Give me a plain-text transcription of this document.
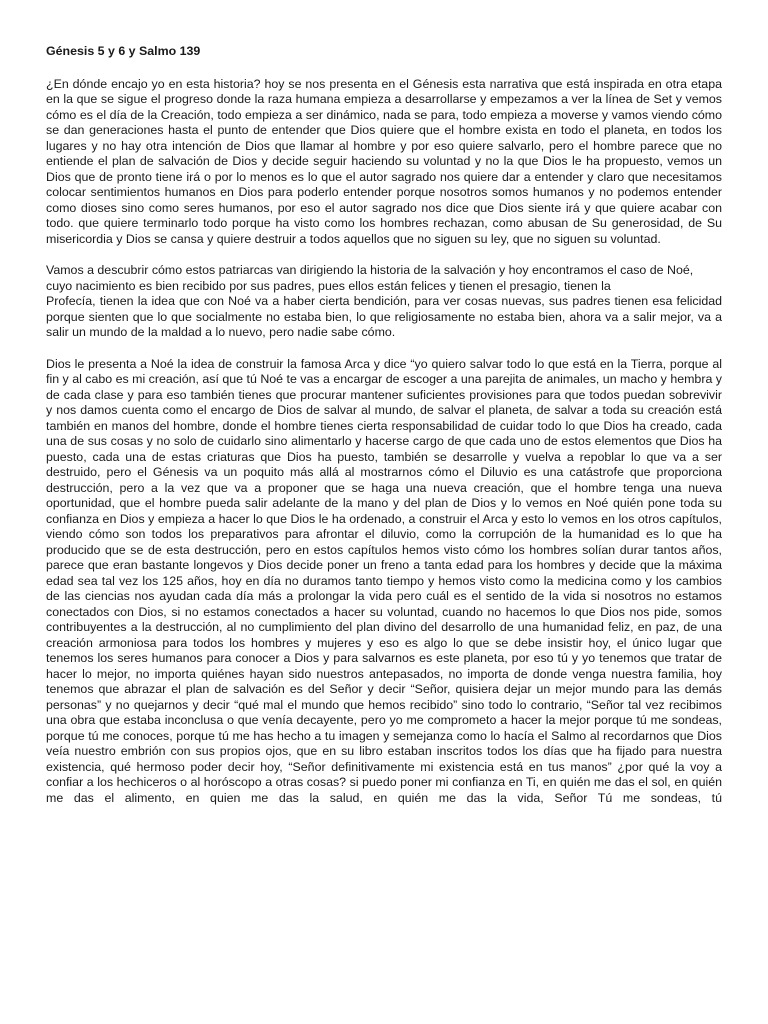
Génesis 5 y 6 y Salmo 139

¿En dónde encajo yo en esta historia? hoy se nos presenta en el Génesis esta narrativa que está inspirada en otra etapa en la que se sigue el progreso donde la raza humana empieza a desarrollarse y empezamos a ver la línea de Set y vemos cómo es el día de la Creación, todo empieza a ser dinámico, nada se para, todo empieza a moverse y vamos viendo cómo se dan generaciones hasta el punto de entender que Dios quiere que el hombre exista en todo el planeta, en todos los lugares y no hay otra intención de Dios que llamar al hombre y por eso quiere salvarlo, pero el hombre parece que no entiende el plan de salvación de Dios y decide seguir haciendo su voluntad y no la que Dios le ha propuesto, vemos un Dios que de pronto tiene irá o por lo menos es lo que el autor sagrado nos quiere dar a entender y claro que necesitamos colocar sentimientos humanos en Dios para poderlo entender porque nosotros somos humanos y no podemos entender como dioses sino como seres humanos, por eso el autor sagrado nos dice que Dios siente irá y que quiere acabar con todo. que quiere terminarlo todo porque ha visto como los hombres rechazan, como abusan de Su generosidad, de Su misericordia y Dios se cansa y quiere destruir a todos aquellos que no siguen su ley, que no siguen su voluntad.

Vamos a descubrir cómo estos patriarcas van dirigiendo la historia de la salvación y hoy encontramos el caso de Noé, cuyo nacimiento es bien recibido por sus padres, pues ellos están felices y tienen el presagio, tienen la

Profecía, tienen la idea que con Noé va a haber cierta bendición, para ver cosas nuevas, sus padres tienen esa felicidad porque sienten que lo que socialmente no estaba bien, lo que religiosamente no estaba bien, ahora va a salir mejor, va a salir un mundo de la maldad a lo nuevo, pero nadie sabe cómo.

Dios le presenta a Noé la idea de construir la famosa Arca y dice “yo quiero salvar todo lo que está en la Tierra, porque al fin y al cabo es mi creación, así que tú Noé te vas a encargar de escoger a una parejita de animales, un macho y hembra y de cada clase y para eso también tienes que procurar mantener suficientes provisiones para que todos puedan sobrevivir y nos damos cuenta como el encargo de Dios de salvar al mundo, de salvar el planeta, de salvar a toda su creación está también en manos del hombre, donde el hombre tienes cierta responsabilidad de cuidar todo lo que Dios ha creado, cada una de sus cosas y no solo de cuidarlo sino alimentarlo y hacerse cargo de que cada uno de estos elementos que Dios ha puesto, cada una de estas criaturas que Dios ha puesto, también se desarrolle y vuelva a repoblar lo que va a ser destruido, pero el Génesis va un poquito más allá al mostrarnos cómo el Diluvio es una catástrofe que proporciona destrucción, pero a la vez que va a proponer que se haga una nueva creación, que el hombre tenga una nueva oportunidad, que el hombre pueda salir adelante de la mano y del plan de Dios y lo vemos en Noé quién pone toda su confianza en Dios y empieza a hacer lo que Dios le ha ordenado, a construir el Arca y esto lo vemos en los otros capítulos, viendo cómo son todos los preparativos para afrontar el diluvio, como la corrupción de la humanidad es lo que ha producido que se de esta destrucción, pero en estos capítulos hemos visto cómo los hombres solían durar tantos años, parece que eran bastante longevos y Dios decide poner un freno a tanta edad para los hombres y decide que la máxima edad sea tal vez los 125 años, hoy en día no duramos tanto tiempo y hemos visto como la medicina como y los cambios de las ciencias nos ayudan cada día más a prolongar la vida pero cuál es el sentido de la vida si nosotros no estamos conectados con Dios, si no estamos conectados a hacer su voluntad, cuando no hacemos lo que Dios nos pide, somos contribuyentes a la destrucción, al no cumplimiento del plan divino del desarrollo de una humanidad feliz, en paz, de una creación armoniosa para todos los hombres y mujeres y eso es algo lo que se debe insistir hoy, el único lugar que tenemos los seres humanos para conocer a Dios y para salvarnos es este planeta, por eso tú y yo tenemos que tratar de hacer lo mejor, no importa quiénes hayan sido nuestros antepasados, no importa de donde venga nuestra familia, hoy tenemos que abrazar el plan de salvación es del Señor y decir “Señor, quisiera dejar un mejor mundo para las demás personas” y no quejarnos y decir “qué mal el mundo que hemos recibido” sino todo lo contrario, “Señor tal vez recibimos una obra que estaba inconclusa o que venía decayente, pero yo me comprometo a hacer la mejor porque tú me sondeas, porque tú me conoces, porque tú me has hecho a tu imagen y semejanza como lo hacía el Salmo al recordarnos que Dios veía nuestro embrión con sus propios ojos, que en su libro estaban inscritos todos los días que ha fijado para nuestra existencia, qué hermoso poder decir hoy, “Señor definitivamente mi existencia está en tus manos” ¿por qué la voy a confiar a los hechiceros o al horóscopo a otras cosas? si puedo poner mi confianza en Ti, en quién me das el sol, en quién me das el alimento, en quien me das la salud, en quién me das la vida, Señor Tú me sondeas, tú
